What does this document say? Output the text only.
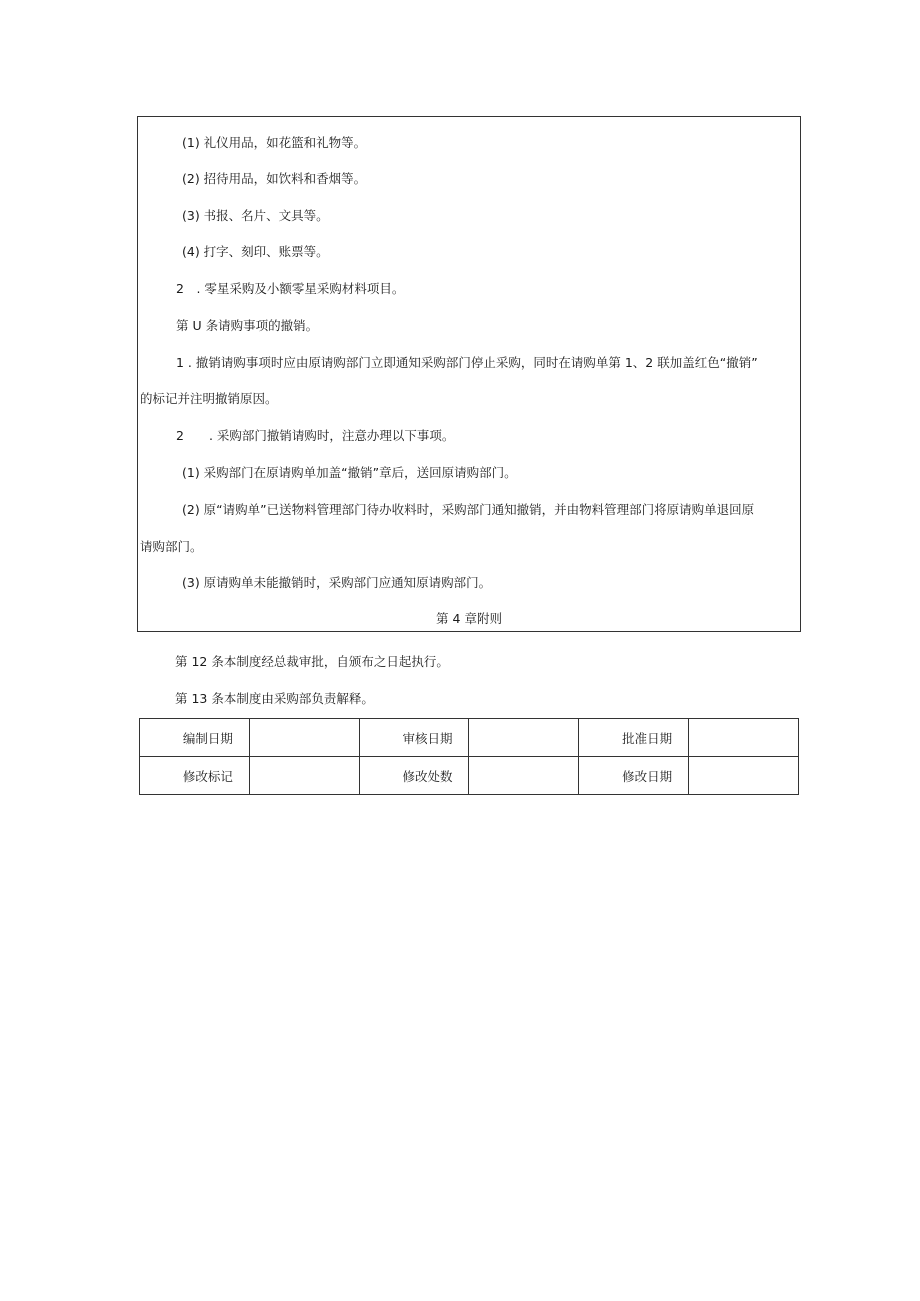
(1) 礼仪用品，如花篮和礼物等。
(2) 招待用品，如饮料和香烟等。
(3) 书报、名片、文具等。
(4) 打字、刻印、账票等。
2　. 零星采购及小额零星采购材料项目。
第 U 条请购事项的撤销。
1 . 撤销请购事项时应由原请购部门立即通知采购部门停止采购，同时在请购单第 1、2 联加盖红色“撤销”
的标记并注明撤销原因。
2　　. 采购部门撤销请购时，注意办理以下事项。
(1) 采购部门在原请购单加盖“撤销”章后，送回原请购部门。
(2) 原“请购单”已送物料管理部门待办收料时，采购部门通知撤销，并由物料管理部门将原请购单退回原
请购部门。
(3) 原请购单未能撤销时，采购部门应通知原请购部门。
第 4 章附则
第 12 条本制度经总裁审批，自颁布之日起执行。
第 13 条本制度由采购部负责解释。
编制日期		审核日期		批准日期	
修改标记		修改处数		修改日期	
